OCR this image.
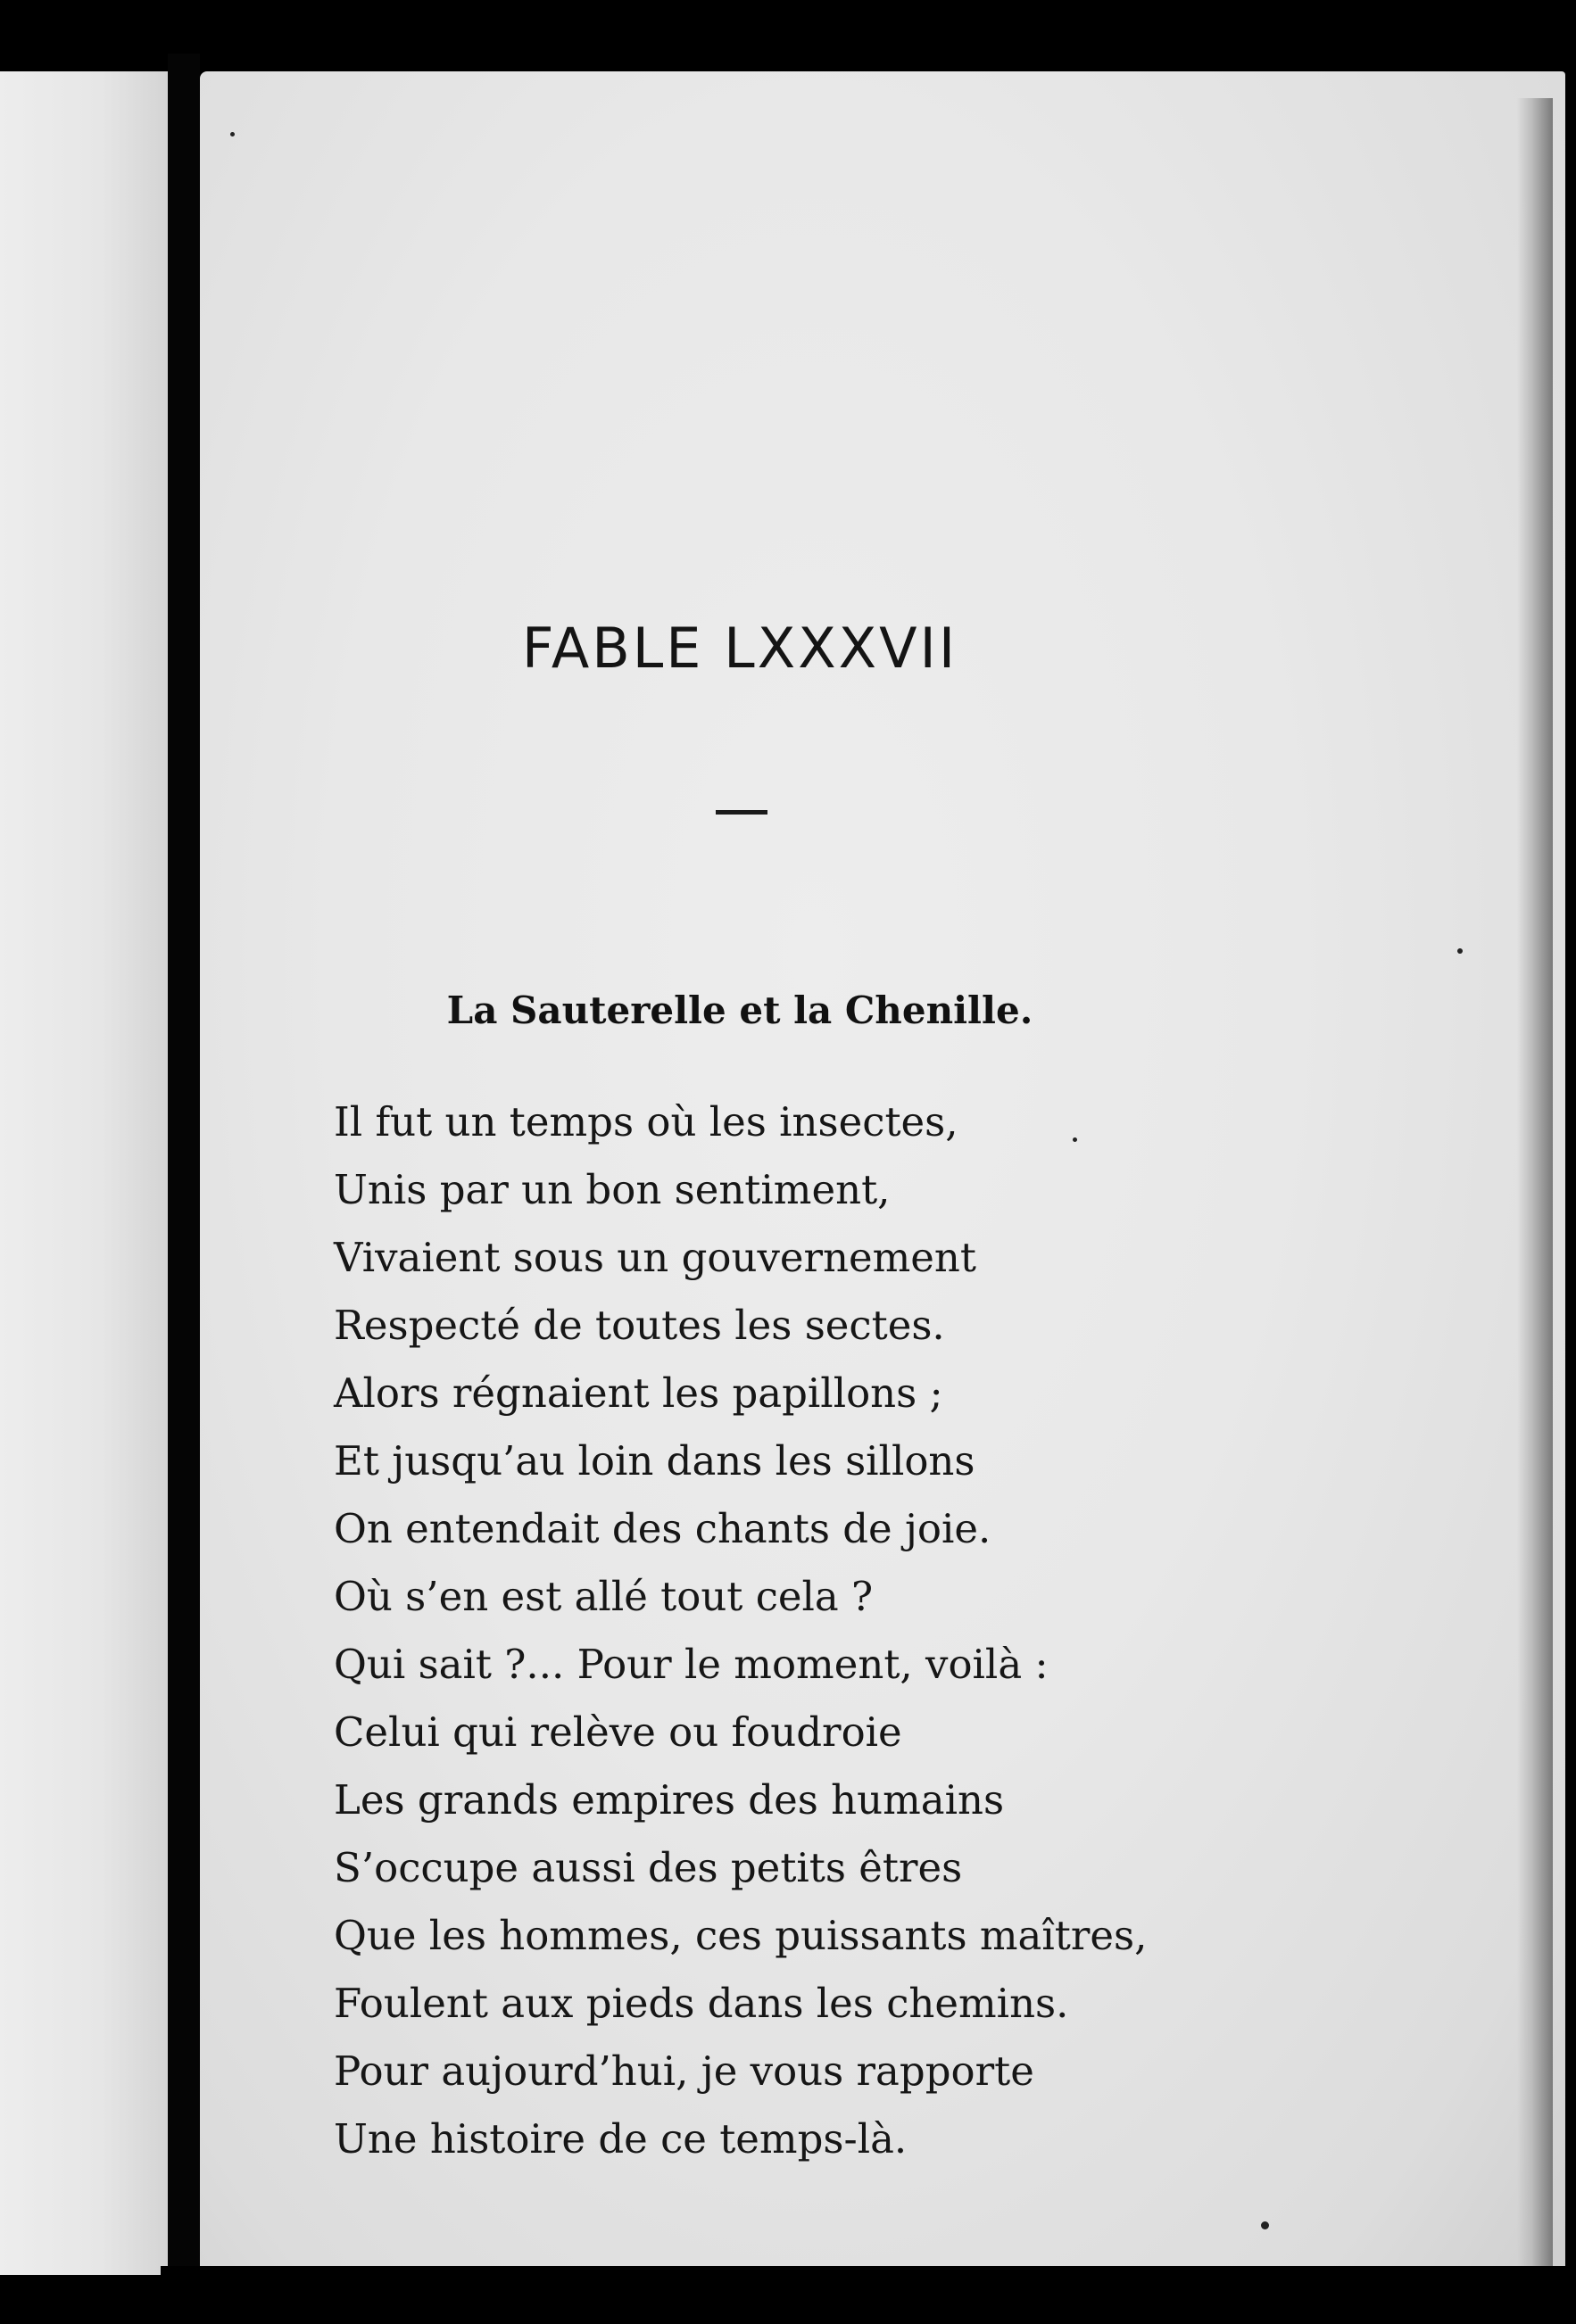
FABLE LXXXVII
La Sauterelle et la Chenille.
Il fut un temps où les insectes,
Unis par un bon sentiment,
Vivaient sous un gouvernement
Respecté de toutes les sectes.
Alors régnaient les papillons ;
Et jusqu’au loin dans les sillons
On entendait des chants de joie.
Où s’en est allé tout cela ?
Qui sait ?... Pour le moment, voilà :
Celui qui relève ou foudroie
Les grands empires des humains
S’occupe aussi des petits êtres
Que les hommes, ces puissants maîtres,
Foulent aux pieds dans les chemins.
Pour aujourd’hui, je vous rapporte
Une histoire de ce temps-là.
